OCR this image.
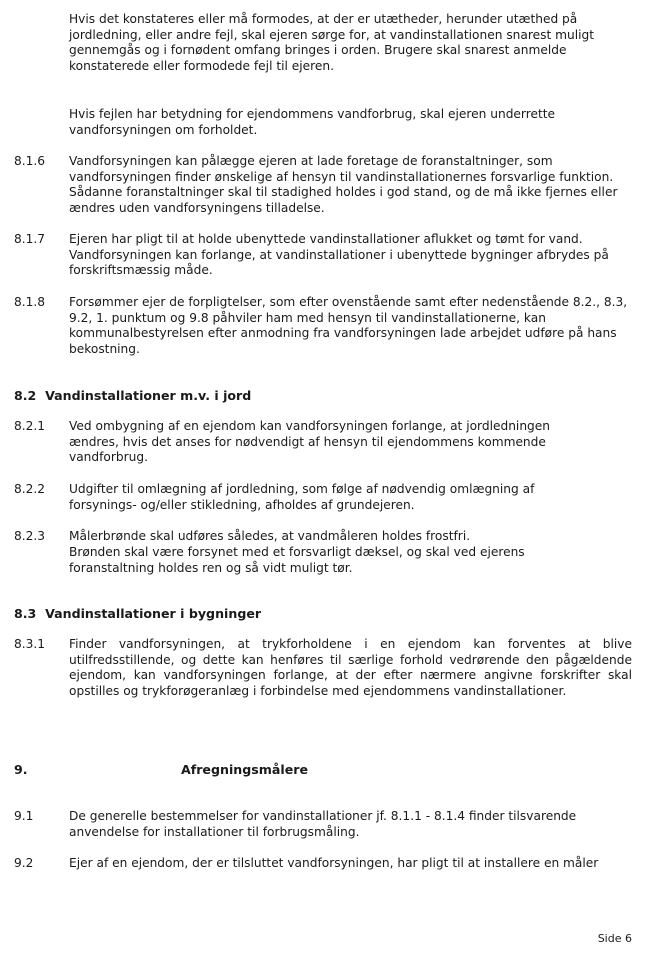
Hvis det konstateres eller må formodes, at der er utætheder, herunder utæthed på jordledning, eller andre fejl, skal ejeren sørge for, at vandinstallationen snarest muligt gennemgås og i fornødent omfang bringes i orden. Brugere skal snarest anmelde konstaterede eller formodede fejl til ejeren.
Hvis fejlen har betydning for ejendommens vandforbrug, skal ejeren underrette vandforsyningen om forholdet.
8.1.6 Vandforsyningen kan pålægge ejeren at lade foretage de foranstaltninger, som vandforsyningen finder ønskelige af hensyn til vandinstallationernes forsvarlige funktion. Sådanne foranstaltninger skal til stadighed holdes i god stand, og de må ikke fjernes eller ændres uden vandforsyningens tilladelse.
8.1.7 Ejeren har pligt til at holde ubenyttede vandinstallationer aflukket og tømt for vand. Vandforsyningen kan forlange, at vandinstallationer i ubenyttede bygninger afbrydes på forskriftsmæssig måde.
8.1.8 Forsømmer ejer de forpligtelser, som efter ovenstående samt efter nedenstående 8.2., 8.3, 9.2, 1. punktum og 9.8 påhviler ham med hensyn til vandinstallationerne, kan kommunalbestyrelsen efter anmodning fra vandforsyningen lade arbejdet udføre på hans bekostning.
8.2  Vandinstallationer m.v. i jord
8.2.1 Ved ombygning af en ejendom kan vandforsyningen forlange, at jordledningen ændres, hvis det anses for nødvendigt af hensyn til ejendommens kommende vandforbrug.
8.2.2 Udgifter til omlægning af jordledning, som følge af nødvendig omlægning af forsynings- og/eller stikledning, afholdes af grundejeren.
8.2.3 Målerbrønde skal udføres således, at vandmåleren holdes frostfri.
Brønden skal være forsynet med et forsvarligt dæksel, og skal ved ejerens foranstaltning holdes ren og så vidt muligt tør.
8.3  Vandinstallationer i bygninger
8.3.1 Finder vandforsyningen, at trykforholdene i en ejendom kan forventes at blive utilfredsstillende, og dette kan henføres til særlige forhold vedrørende den pågældende ejendom, kan vandforsyningen forlange, at der efter nærmere angivne forskrifter skal opstilles og trykforøgeranlæg i forbindelse med ejendommens vandinstallationer.
9.	Afregningsmålere
9.1	De generelle bestemmelser for vandinstallationer jf. 8.1.1 - 8.1.4 finder tilsvarende anvendelse for installationer til forbrugsmåling.
9.2	Ejer af en ejendom, der er tilsluttet vandforsyningen, har pligt til at installere en måler
Side 6
